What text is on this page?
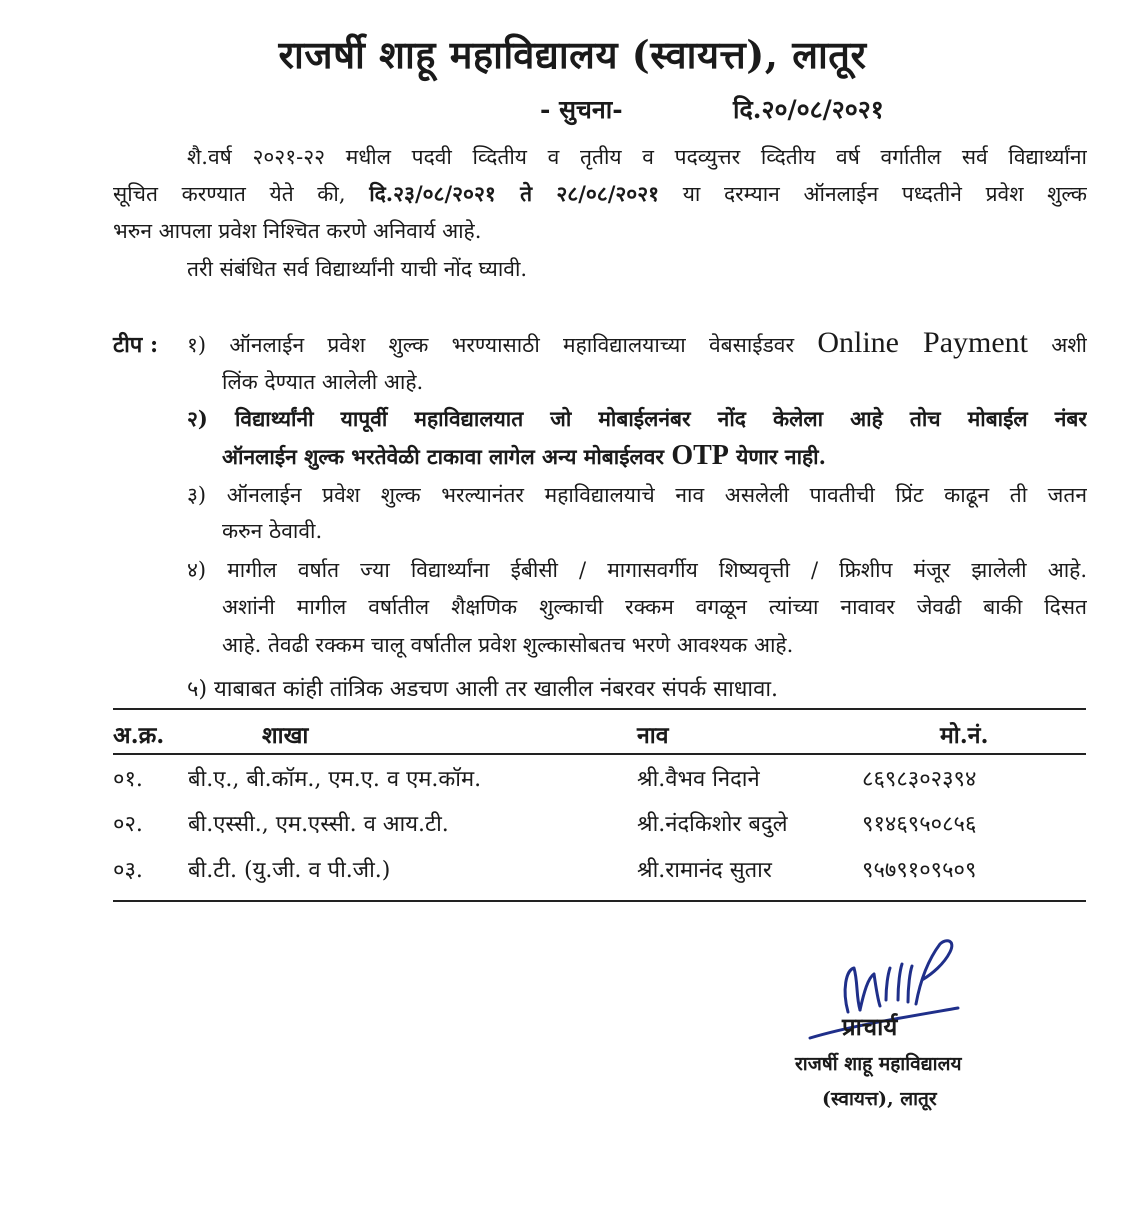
राजर्षी शाहू महाविद्यालय (स्वायत्त), लातूर
- सुचना-	दि.२०/०८/२०२१
शै.वर्ष २०२१-२२ मधील पदवी व्दितीय व तृतीय व पदव्युत्तर व्दितीय वर्ष वर्गातील सर्व विद्यार्थ्यांना
सूचित करण्यात येते की, दि.२३/०८/२०२१ ते २८/०८/२०२१ या दरम्यान ऑनलाईन पध्दतीने प्रवेश शुल्क
भरुन आपला प्रवेश निश्चित करणे अनिवार्य आहे.
तरी संबंधित सर्व विद्यार्थ्यांनी याची नोंद घ्यावी.
टीप : १) ऑनलाईन प्रवेश शुल्क भरण्यासाठी महाविद्यालयाच्या वेबसाईडवर Online Payment अशी
लिंक देण्यात आलेली आहे.
२) विद्यार्थ्यांनी यापूर्वी महाविद्यालयात जो मोबाईलनंबर नोंद केलेला आहे तोच मोबाईल नंबर
ऑनलाईन शुल्क भरतेवेळी टाकावा लागेल अन्य मोबाईलवर OTP येणार नाही.
३) ऑनलाईन प्रवेश शुल्क भरल्यानंतर महाविद्यालयाचे नाव असलेली पावतीची प्रिंट काढून ती जतन
करुन ठेवावी.
४) मागील वर्षात ज्या विद्यार्थ्यांना ईबीसी / मागासवर्गीय शिष्यवृत्ती / फ्रिशीप मंजूर झालेली आहे.
अशांनी मागील वर्षातील शैक्षणिक शुल्काची रक्कम वगळून त्यांच्या नावावर जेवढी बाकी दिसत
आहे. तेवढी रक्कम चालू वर्षातील प्रवेश शुल्कासोबतच भरणे आवश्यक आहे.
५) याबाबत कांही तांत्रिक अडचण आली तर खालील नंबरवर संपर्क साधावा.
अ.क्र.	शाखा	नाव	मो.नं.
०१. बी.ए., बी.कॉम., एम.ए. व एम.कॉम.	श्री.वैभव निदाने	८६९८३०२३९४
०२. बी.एस्सी., एम.एस्सी. व आय.टी.	श्री.नंदकिशोर बदुले	९१४६९५०८५६
०३. बी.टी. (यु.जी. व पी.जी.)	श्री.रामानंद सुतार	९५७९१०९५०९
प्राचार्य
राजर्षी शाहू महाविद्यालय
(स्वायत्त), लातूर
